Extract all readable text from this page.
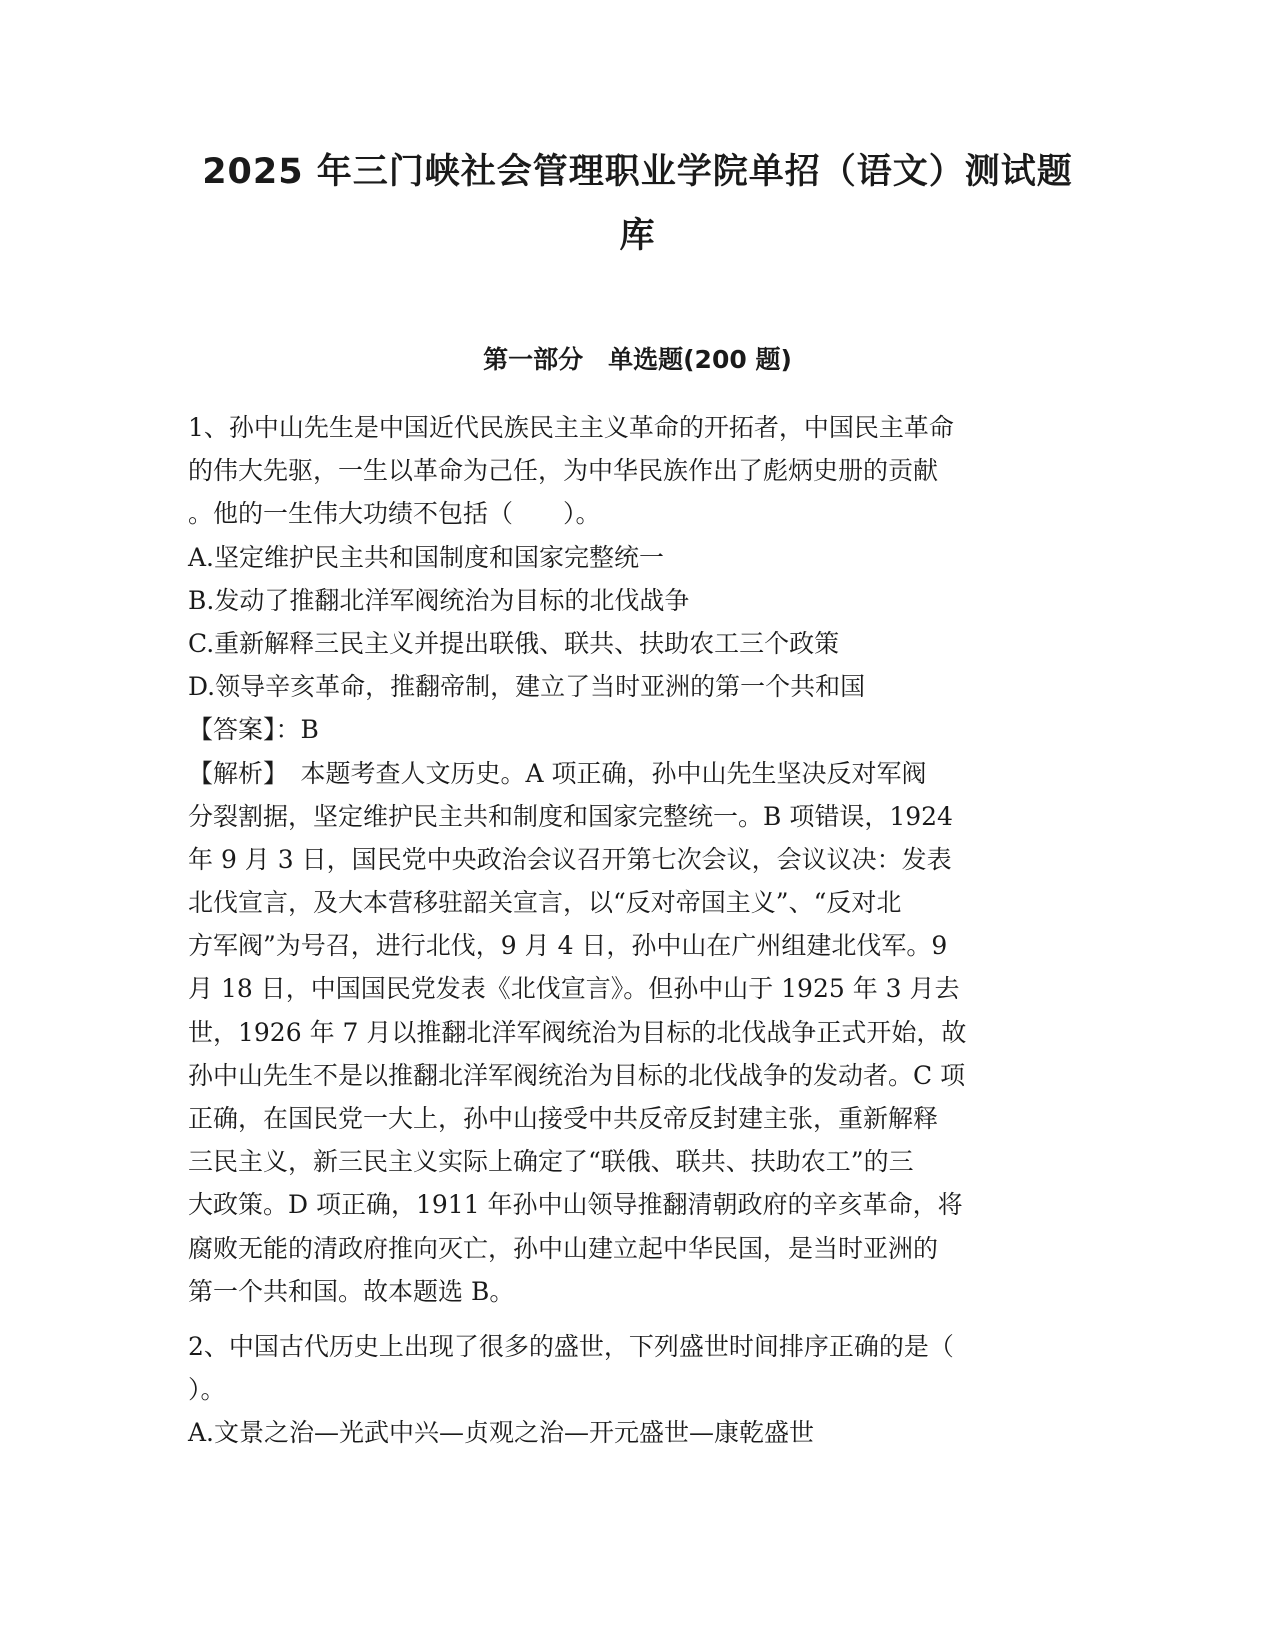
2025 年三门峡社会管理职业学院单招（语文）测试题
库
第一部分　单选题(200 题)
1、孙中山先生是中国近代民族民主主义革命的开拓者，中国民主革命
的伟大先驱，一生以革命为己任，为中华民族作出了彪炳史册的贡献
。他的一生伟大功绩不包括（　　）。
A.坚定维护民主共和国制度和国家完整统一
B.发动了推翻北洋军阀统治为目标的北伐战争
C.重新解释三民主义并提出联俄、联共、扶助农工三个政策
D.领导辛亥革命，推翻帝制，建立了当时亚洲的第一个共和国
【答案】：B
【解析】　本题考查人文历史。A 项正确，孙中山先生坚决反对军阀
分裂割据，坚定维护民主共和制度和国家完整统一。B 项错误，1924
年 9 月 3 日，国民党中央政治会议召开第七次会议，会议议决：发表
北伐宣言，及大本营移驻韶关宣言，以“反对帝国主义”、“反对北
方军阀”为号召，进行北伐，9 月 4 日，孙中山在广州组建北伐军。9
月 18 日，中国国民党发表《北伐宣言》。但孙中山于 1925 年 3 月去
世，1926 年 7 月以推翻北洋军阀统治为目标的北伐战争正式开始，故
孙中山先生不是以推翻北洋军阀统治为目标的北伐战争的发动者。C 项
正确，在国民党一大上，孙中山接受中共反帝反封建主张，重新解释
三民主义，新三民主义实际上确定了“联俄、联共、扶助农工”的三
大政策。D 项正确，1911 年孙中山领导推翻清朝政府的辛亥革命，将
腐败无能的清政府推向灭亡，孙中山建立起中华民国，是当时亚洲的
第一个共和国。故本题选 B。
2、中国古代历史上出现了很多的盛世，下列盛世时间排序正确的是（
）。
A.文景之治—光武中兴—贞观之治—开元盛世—康乾盛世
